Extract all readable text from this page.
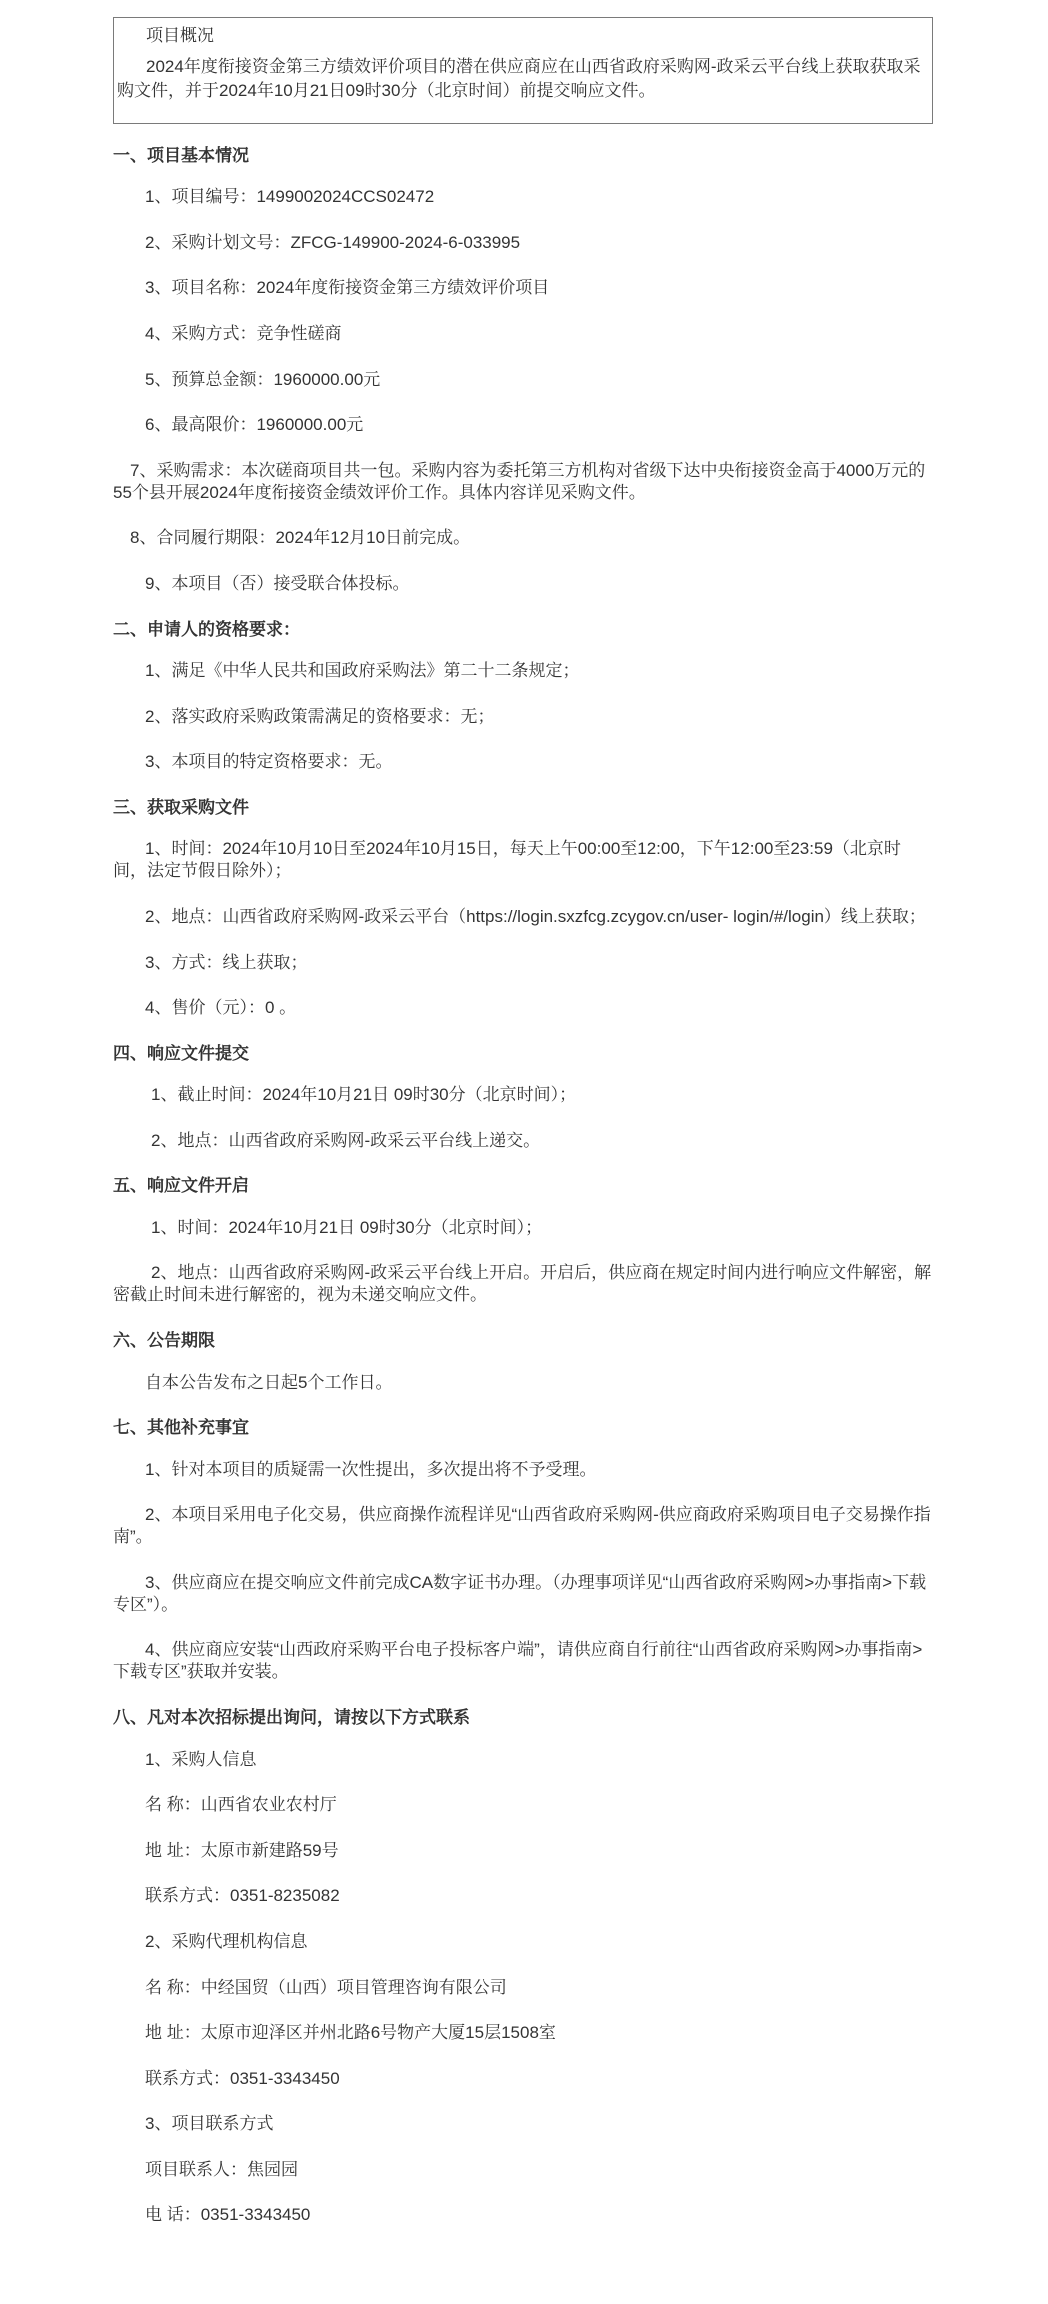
项目概况

2024年度衔接资金第三方绩效评价项目的潜在供应商应在山西省政府采购网-政采云平台线上获取获取采购文件，并于2024年10月21日09时30分（北京时间）前提交响应文件。

一、项目基本情况

1、项目编号：1499002024CCS02472

2、采购计划文号：ZFCG-149900-2024-6-033995

3、项目名称：2024年度衔接资金第三方绩效评价项目

4、采购方式：竞争性磋商

5、预算总金额：1960000.00元

6、最高限价：1960000.00元

7、采购需求：本次磋商项目共一包。采购内容为委托第三方机构对省级下达中央衔接资金高于4000万元的55个县开展2024年度衔接资金绩效评价工作。具体内容详见采购文件。

8、合同履行期限：2024年12月10日前完成。

9、本项目（否）接受联合体投标。

二、申请人的资格要求：

1、满足《中华人民共和国政府采购法》第二十二条规定；

2、落实政府采购政策需满足的资格要求：无；

3、本项目的特定资格要求：无。

三、获取采购文件

1、时间：2024年10月10日至2024年10月15日，每天上午00:00至12:00，下午12:00至23:59（北京时间，法定节假日除外）；

2、地点：山西省政府采购网-政采云平台（https://login.sxzfcg.zcygov.cn/user- login/#/login）线上获取；

3、方式：线上获取；

4、售价（元）：0 。

四、响应文件提交

1、截止时间：2024年10月21日 09时30分（北京时间）；

2、地点：山西省政府采购网-政采云平台线上递交。

五、响应文件开启

1、时间：2024年10月21日 09时30分（北京时间）；

2、地点：山西省政府采购网-政采云平台线上开启。开启后，供应商在规定时间内进行响应文件解密，解密截止时间未进行解密的，视为未递交响应文件。

六、公告期限

自本公告发布之日起5个工作日。

七、其他补充事宜

1、针对本项目的质疑需一次性提出，多次提出将不予受理。

2、本项目采用电子化交易，供应商操作流程详见“山西省政府采购网-供应商政府采购项目电子交易操作指南”。

3、供应商应在提交响应文件前完成CA数字证书办理。（办理事项详见“山西省政府采购网>办事指南>下载专区”）。

4、供应商应安装“山西政府采购平台电子投标客户端”，请供应商自行前往“山西省政府采购网>办事指南>下载专区”获取并安装。

八、凡对本次招标提出询问，请按以下方式联系

1、采购人信息

名 称：山西省农业农村厅

地 址：太原市新建路59号

联系方式：0351-8235082

2、采购代理机构信息

名 称：中经国贸（山西）项目管理咨询有限公司

地 址：太原市迎泽区并州北路6号物产大厦15层1508室

联系方式：0351-3343450

3、项目联系方式

项目联系人：焦园园

电 话：0351-3343450
